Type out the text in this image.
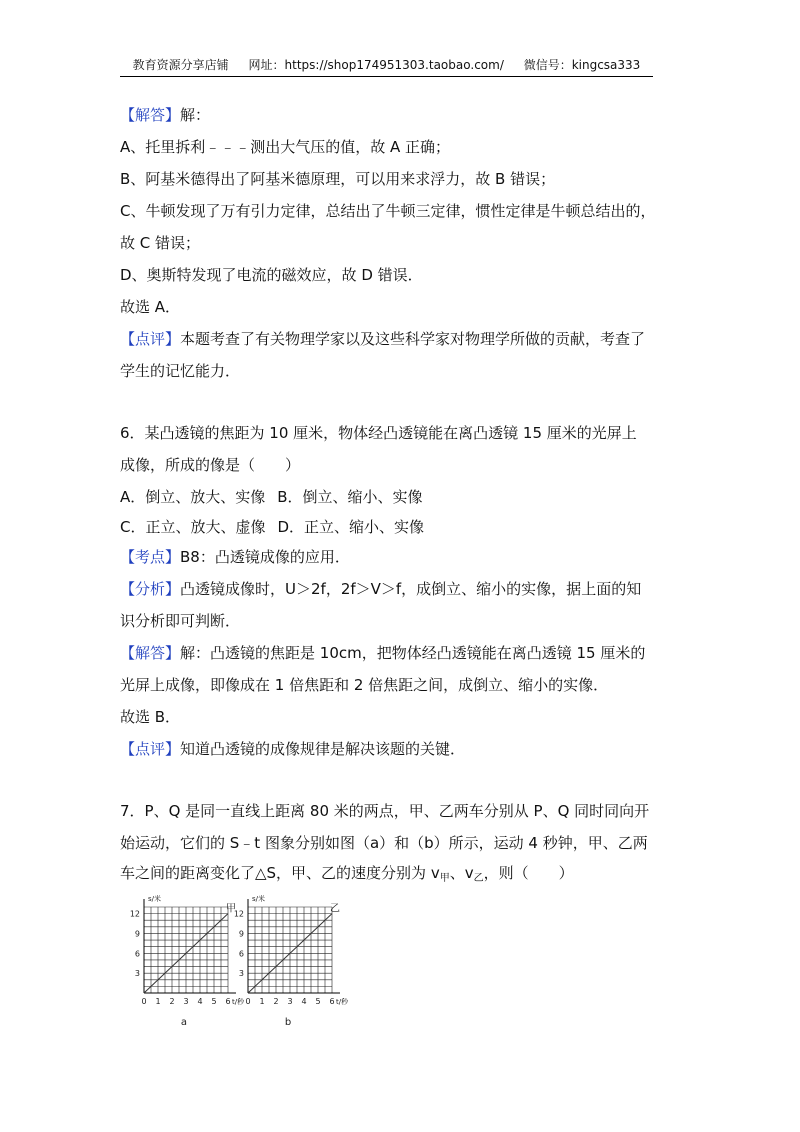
教育资源分享店铺 网址：https://shop174951303.taobao.com/ 微信号：kingcsa333
【解答】解：
A、托里拆利﹣﹣﹣测出大气压的值，故 A 正确；
B、阿基米德得出了阿基米德原理，可以用来求浮力，故 B 错误；
C、牛顿发现了万有引力定律，总结出了牛顿三定律，惯性定律是牛顿总结出的，
故 C 错误；
D、奥斯特发现了电流的磁效应，故 D 错误．
故选 A．
【点评】本题考查了有关物理学家以及这些科学家对物理学所做的贡献，考查了
学生的记忆能力．
6．某凸透镜的焦距为 10 厘米，物体经凸透镜能在离凸透镜 15 厘米的光屏上
成像，所成的像是（　　）
A．倒立、放大、实像 B．倒立、缩小、实像
C．正立、放大、虚像 D．正立、缩小、实像
【考点】B8：凸透镜成像的应用．
【分析】凸透镜成像时，U＞2f，2f＞V＞f，成倒立、缩小的实像，据上面的知
识分析即可判断．
【解答】解：凸透镜的焦距是 10cm，把物体经凸透镜能在离凸透镜 15 厘米的
光屏上成像，即像成在 1 倍焦距和 2 倍焦距之间，成倒立、缩小的实像．
故选 B．
【点评】知道凸透镜的成像规律是解决该题的关键．
7．P、Q 是同一直线上距离 80 米的两点，甲、乙两车分别从 P、Q 同时同向开
始运动，它们的 S﹣t 图象分别如图（a）和（b）所示，运动 4 秒钟，甲、乙两
车之间的距离变化了△S，甲、乙的速度分别为 $v_甲$、$v_乙$，则（　　）
0 1 2 3 4 5 6
3
6
9
12
s/米
t/秒
甲
a
0 1 2 3 4 5 6
3
6
9
12
s/米
t/秒
乙
b
